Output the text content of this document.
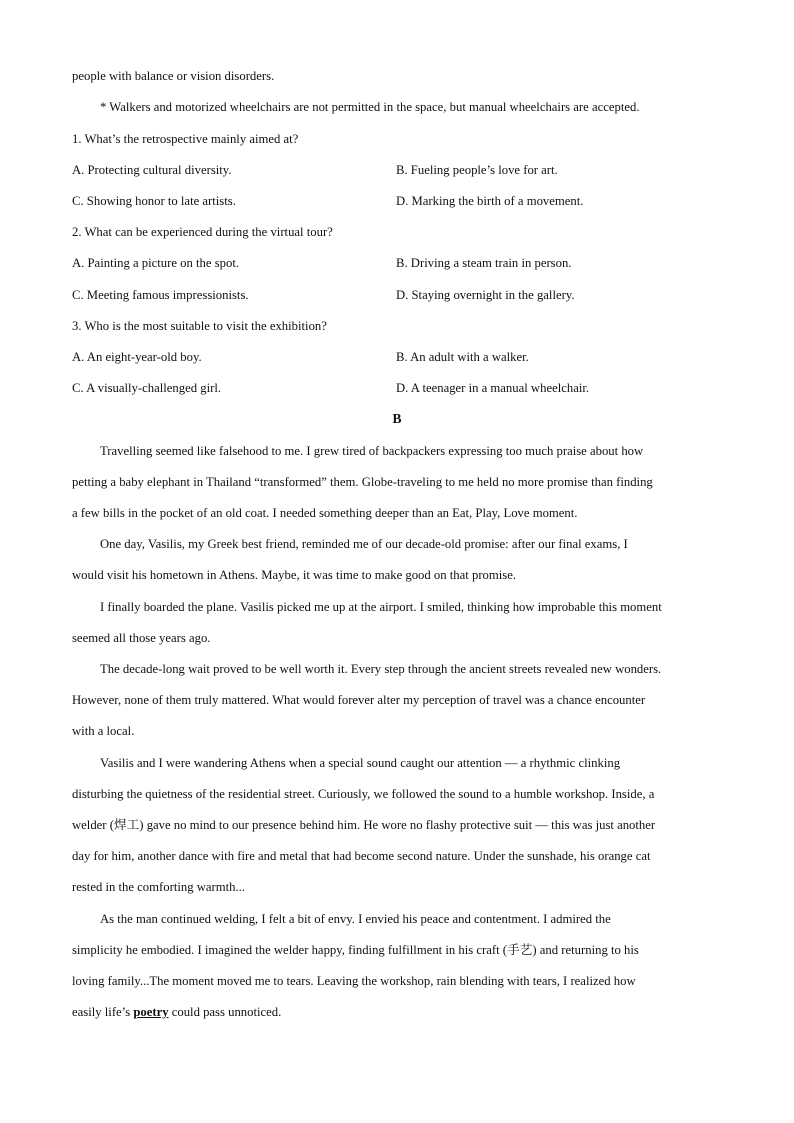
people with balance or vision disorders.
* Walkers and motorized wheelchairs are not permitted in the space, but manual wheelchairs are accepted.
1. What’s the retrospective mainly aimed at?
A. Protecting cultural diversity.	B. Fueling people’s love for art.
C. Showing honor to late artists.	D. Marking the birth of a movement.
2. What can be experienced during the virtual tour?
A. Painting a picture on the spot.	B. Driving a steam train in person.
C. Meeting famous impressionists.	D. Staying overnight in the gallery.
3. Who is the most suitable to visit the exhibition?
A. An eight-year-old boy.	B. An adult with a walker.
C. A visually-challenged girl.	D. A teenager in a manual wheelchair.
B
Travelling seemed like falsehood to me. I grew tired of backpackers expressing too much praise about how
petting a baby elephant in Thailand “transformed” them. Globe-traveling to me held no more promise than finding
a few bills in the pocket of an old coat. I needed something deeper than an Eat, Play, Love moment.
One day, Vasilis, my Greek best friend, reminded me of our decade-old promise: after our final exams, I
would visit his hometown in Athens. Maybe, it was time to make good on that promise.
I finally boarded the plane. Vasilis picked me up at the airport. I smiled, thinking how improbable this moment
seemed all those years ago.
The decade-long wait proved to be well worth it. Every step through the ancient streets revealed new wonders.
However, none of them truly mattered. What would forever alter my perception of travel was a chance encounter
with a local.
Vasilis and I were wandering Athens when a special sound caught our attention — a rhythmic clinking
disturbing the quietness of the residential street. Curiously, we followed the sound to a humble workshop. Inside, a
welder (焊工) gave no mind to our presence behind him. He wore no flashy protective suit — this was just another
day for him, another dance with fire and metal that had become second nature. Under the sunshade, his orange cat
rested in the comforting warmth...
As the man continued welding, I felt a bit of envy. I envied his peace and contentment. I admired the
simplicity he embodied. I imagined the welder happy, finding fulfillment in his craft (手艺) and returning to his
loving family...The moment moved me to tears. Leaving the workshop, rain blending with tears, I realized how
easily life’s poetry could pass unnoticed.
